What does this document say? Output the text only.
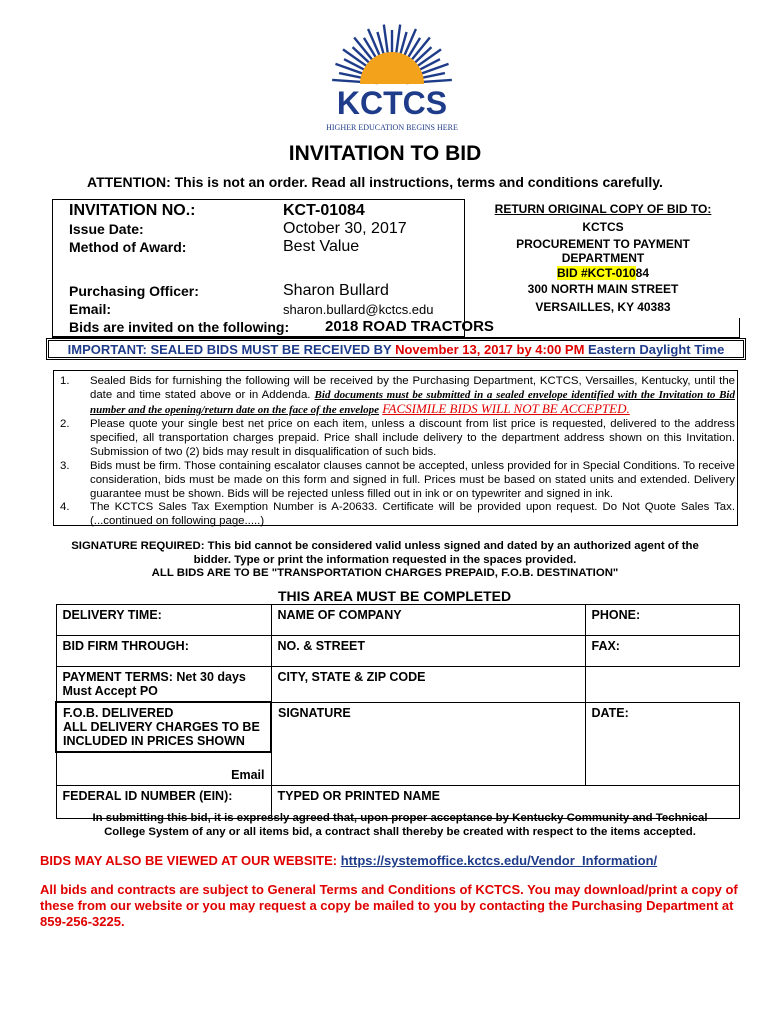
KCTCS
HIGHER EDUCATION BEGINS HERE
INVITATION TO BID
ATTENTION: This is not an order. Read all instructions, terms and conditions carefully.
INVITATION NO.:	KCT-01084
Issue Date:	October 30, 2017
Method of Award:	Best Value
Purchasing Officer:	Sharon Bullard
Email:	sharon.bullard@kctcs.edu
Bids are invited on the following: 2018 ROAD TRACTORS
RETURN ORIGINAL COPY OF BID TO:
KCTCS
PROCUREMENT TO PAYMENT
DEPARTMENT
BID #KCT-01084
300 NORTH MAIN STREET
VERSAILLES, KY 40383
IMPORTANT: SEALED BIDS MUST BE RECEIVED BY November 13, 2017 by 4:00 PM Eastern Daylight Time
1.	Sealed Bids for furnishing the following will be received by the Purchasing Department, KCTCS, Versailles, Kentucky, until the date and time stated above or in Addenda. Bid documents must be submitted in a sealed envelope identified with the Invitation to Bid number and the opening/return date on the face of the envelope FACSIMILE BIDS WILL NOT BE ACCEPTED.
2.	Please quote your single best net price on each item, unless a discount from list price is requested, delivered to the address specified, all transportation charges prepaid. Price shall include delivery to the department address shown on this Invitation. Submission of two (2) bids may result in disqualification of such bids.
3.	Bids must be firm. Those containing escalator clauses cannot be accepted, unless provided for in Special Conditions. To receive consideration, bids must be made on this form and signed in full. Prices must be based on stated units and extended. Delivery guarantee must be shown. Bids will be rejected unless filled out in ink or on typewriter and signed in ink.
4.	The KCTCS Sales Tax Exemption Number is A-20633. Certificate will be provided upon request. Do Not Quote Sales Tax. (...continued on following page.....)
SIGNATURE REQUIRED: This bid cannot be considered valid unless signed and dated by an authorized agent of the
bidder. Type or print the information requested in the spaces provided.
ALL BIDS ARE TO BE "TRANSPORTATION CHARGES PREPAID, F.O.B. DESTINATION"
THIS AREA MUST BE COMPLETED
DELIVERY TIME:	NAME OF COMPANY	PHONE:
BID FIRM THROUGH:	NO. & STREET	FAX:

PAYMENT TERMS: Net 30 days
Must Accept PO	CITY, STATE & ZIP CODE	

F.O.B. DELIVERED
ALL DELIVERY CHARGES TO BE
INCLUDED IN PRICES SHOWN	SIGNATURE	DATE:
Email		
FEDERAL ID NUMBER (EIN):	TYPED OR PRINTED NAME	
In submitting this bid, it is expressly agreed that, upon proper acceptance by Kentucky Community and Technical
College System of any or all items bid, a contract shall thereby be created with respect to the items accepted.
BIDS MAY ALSO BE VIEWED AT OUR WEBSITE: https://systemoffice.kctcs.edu/Vendor_Information/
All bids and contracts are subject to General Terms and Conditions of KCTCS. You may download/print a copy of these from our website or you may request a copy be mailed to you by contacting the Purchasing Department at 859-256-3225.
